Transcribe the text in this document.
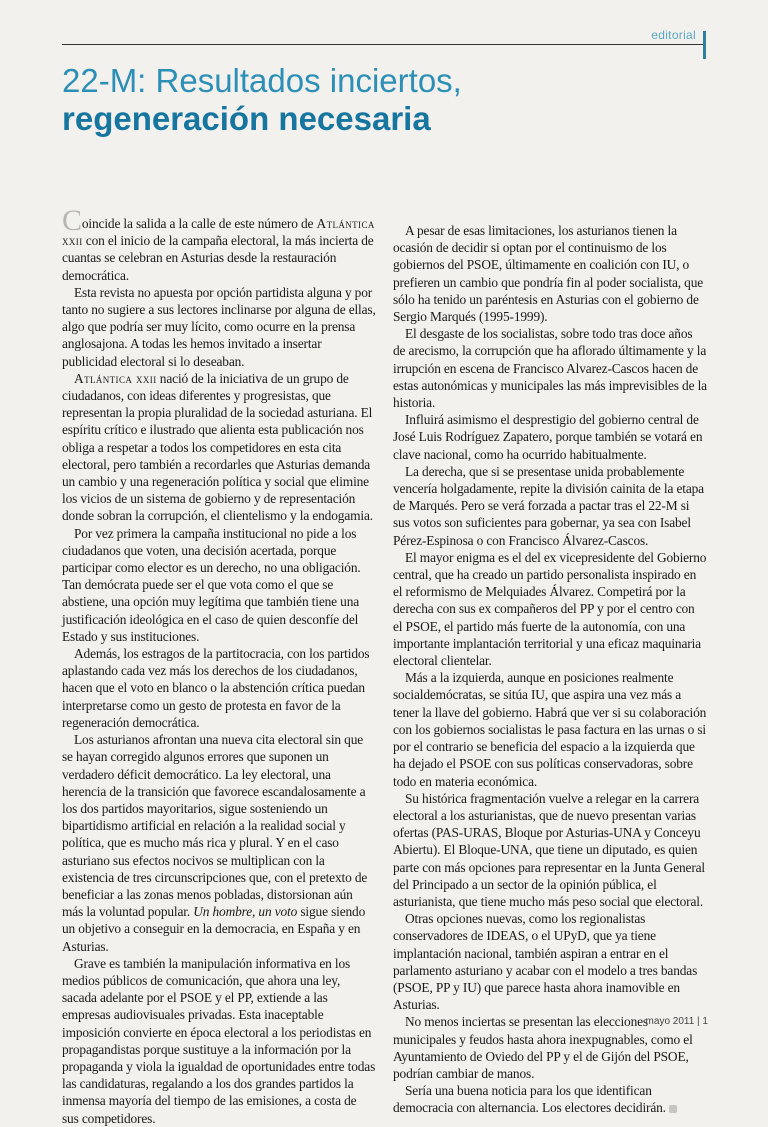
editorial
22-M: Resultados inciertos,
regeneración necesaria

Coincide la salida a la calle de este número de Atlántica xxii con el inicio de la campaña electoral, la más incierta de cuantas se celebran en Asturias desde la restauración democrática.

Esta revista no apuesta por opción partidista alguna y por tanto no sugiere a sus lectores inclinarse por alguna de ellas, algo que podría ser muy lícito, como ocurre en la prensa anglosajona. A todas les hemos invitado a insertar publicidad electoral si lo deseaban.

Atlántica xxii nació de la iniciativa de un grupo de ciudadanos, con ideas diferentes y progresistas, que representan la propia pluralidad de la sociedad asturiana. El espíritu crítico e ilustrado que alienta esta publicación nos obliga a respetar a todos los competidores en esta cita electoral, pero también a recordarles que Asturias demanda un cambio y una regeneración política y social que elimine los vicios de un sistema de gobierno y de representación donde sobran la corrupción, el clientelismo y la endogamia.

Por vez primera la campaña institucional no pide a los ciudadanos que voten, una decisión acertada, porque participar como elector es un derecho, no una obligación. Tan demócrata puede ser el que vota como el que se abstiene, una opción muy legítima que también tiene una justificación ideológica en el caso de quien desconfíe del Estado y sus instituciones.

Además, los estragos de la partitocracia, con los partidos aplastando cada vez más los derechos de los ciudadanos, hacen que el voto en blanco o la abstención crítica puedan interpretarse como un gesto de protesta en favor de la regeneración democrática.

Los asturianos afrontan una nueva cita electoral sin que se hayan corregido algunos errores que suponen un verdadero déficit democrático. La ley electoral, una herencia de la transición que favorece escandalosamente a los dos partidos mayoritarios, sigue sosteniendo un bipartidismo artificial en relación a la realidad social y política, que es mucho más rica y plural. Y en el caso asturiano sus efectos nocivos se multiplican con la existencia de tres circunscripciones que, con el pretexto de beneficiar a las zonas menos pobladas, distorsionan aún más la voluntad popular. Un hombre, un voto sigue siendo un objetivo a conseguir en la democracia, en España y en Asturias.

Grave es también la manipulación informativa en los medios públicos de comunicación, que ahora una ley, sacada adelante por el PSOE y el PP, extiende a las empresas audiovisuales privadas. Esta inaceptable imposición convierte en época electoral a los periodistas en propagandistas porque sustituye a la información por la propaganda y viola la igualdad de oportunidades entre todas las candidaturas, regalando a los dos grandes partidos la inmensa mayoría del tiempo de las emisiones, a costa de sus competidores.

A pesar de esas limitaciones, los asturianos tienen la ocasión de decidir si optan por el continuismo de los gobiernos del PSOE, últimamente en coalición con IU, o prefieren un cambio que pondría fin al poder socialista, que sólo ha tenido un paréntesis en Asturias con el gobierno de Sergio Marqués (1995-1999).

El desgaste de los socialistas, sobre todo tras doce años de arecismo, la corrupción que ha aflorado últimamente y la irrupción en escena de Francisco Alvarez-Cascos hacen de estas autonómicas y municipales las más imprevisibles de la historia.

Influirá asimismo el desprestigio del gobierno central de José Luis Rodríguez Zapatero, porque también se votará en clave nacional, como ha ocurrido habitualmente.

La derecha, que si se presentase unida probablemente vencería holgadamente, repite la división cainita de la etapa de Marqués. Pero se verá forzada a pactar tras el 22-M si sus votos son suficientes para gobernar, ya sea con Isabel Pérez-Espinosa o con Francisco Álvarez-Cascos.

El mayor enigma es el del ex vicepresidente del Gobierno central, que ha creado un partido personalista inspirado en el reformismo de Melquiades Álvarez. Competirá por la derecha con sus ex compañeros del PP y por el centro con el PSOE, el partido más fuerte de la autonomía, con una importante implantación territorial y una eficaz maquinaria electoral clientelar.

Más a la izquierda, aunque en posiciones realmente socialdemócratas, se sitúa IU, que aspira una vez más a tener la llave del gobierno. Habrá que ver si su colaboración con los gobiernos socialistas le pasa factura en las urnas o si por el contrario se beneficia del espacio a la izquierda que ha dejado el PSOE con sus políticas conservadoras, sobre todo en materia económica.

Su histórica fragmentación vuelve a relegar en la carrera electoral a los asturianistas, que de nuevo presentan varias ofertas (PAS-URAS, Bloque por Asturias-UNA y Conceyu Abiertu). El Bloque-UNA, que tiene un diputado, es quien parte con más opciones para representar en la Junta General del Principado a un sector de la opinión pública, el asturianista, que tiene mucho más peso social que electoral.

Otras opciones nuevas, como los regionalistas conservadores de IDEAS, o el UPyD, que ya tiene implantación nacional, también aspiran a entrar en el parlamento asturiano y acabar con el modelo a tres bandas (PSOE, PP y IU) que parece hasta ahora inamovible en Asturias.

No menos inciertas se presentan las elecciones municipales y feudos hasta ahora inexpugnables, como el Ayuntamiento de Oviedo del PP y el de Gijón del PSOE, podrían cambiar de manos.

Sería una buena noticia para los que identifican democracia con alternancia. Los electores decidirán.

mayo 2011 | 1
